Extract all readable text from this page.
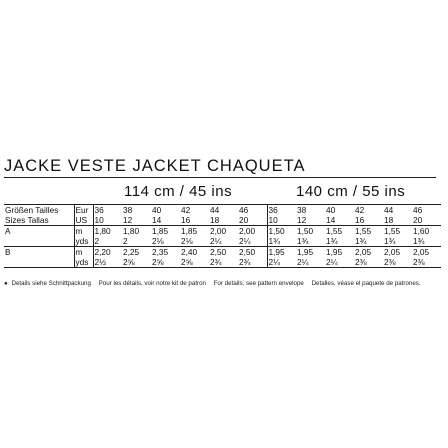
JACKE VESTE JACKET CHAQUETA
114 cm / 45 ins	140 cm / 55 ins
Größen Tailles	Eur	36	38	40	42	44	46	36	38	40	42	44	46
Sizes Tallas	US	10	12	14	16	18	20	10	12	14	16	18	20
A	m	1,80	1,80	1,85	1,85	2,00	2,00	1,50	1,50	1,55	1,55	1,55	1,60
	yds	2	2	2⅛	2⅛	2¼	2¼	1¾	1¾	1¾	1¾	1¾	1¾
B	m	2,20	2,25	2,35	2,40	2,50	2,50	1,95	1,95	1,95	2,05	2,05	2,05
	yds	2½	2⅝	2⅝	2⅝	2¾	2¾	2¼	2¼	2¼	2⅜	2⅜	2⅜
● Details siehe Schnittpackung Pour les détails, voir notre kit de patron For details, see pattern envelope Detalles, véase el paquete de patrones.
